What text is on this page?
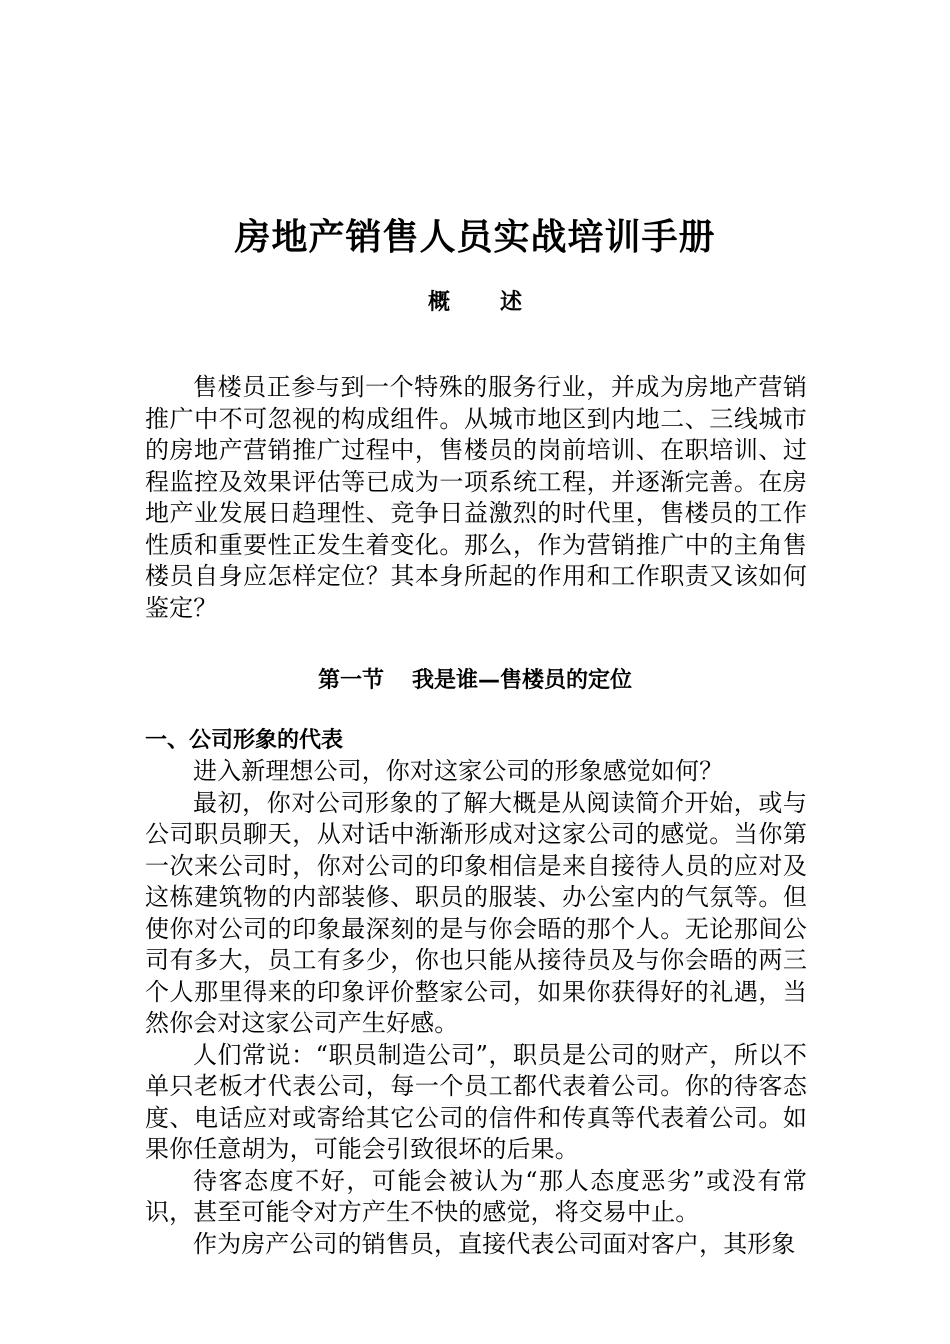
房地产销售人员实战培训手册
概述

售楼员正参与到一个特殊的服务行业，并成为房地产营销推广中不可忽视的构成组件。从城市地区到内地二、三线城市的房地产营销推广过程中，售楼员的岗前培训、在职培训、过程监控及效果评估等已成为一项系统工程，并逐渐完善。在房地产业发展日趋理性、竞争日益激烈的时代里，售楼员的工作性质和重要性正发生着变化。那么，作为营销推广中的主角售楼员自身应怎样定位？其本身所起的作用和工作职责又该如何鉴定？

第一节 我是谁—售楼员的定位
一、公司形象的代表

进入新理想公司，你对这家公司的形象感觉如何？

最初，你对公司形象的了解大概是从阅读简介开始，或与公司职员聊天，从对话中渐渐形成对这家公司的感觉。当你第一次来公司时，你对公司的印象相信是来自接待人员的应对及这栋建筑物的内部装修、职员的服装、办公室内的气氛等。但使你对公司的印象最深刻的是与你会晤的那个人。无论那间公司有多大，员工有多少，你也只能从接待员及与你会晤的两三个人那里得来的印象评价整家公司，如果你获得好的礼遇，当然你会对这家公司产生好感。

人们常说：“职员制造公司”，职员是公司的财产，所以不单只老板才代表公司，每一个员工都代表着公司。你的待客态度、电话应对或寄给其它公司的信件和传真等代表着公司。如果你任意胡为，可能会引致很坏的后果。

待客态度不好，可能会被认为“那人态度恶劣”或没有常识，甚至可能令对方产生不快的感觉，将交易中止。

作为房产公司的销售员，直接代表公司面对客户，其形象
